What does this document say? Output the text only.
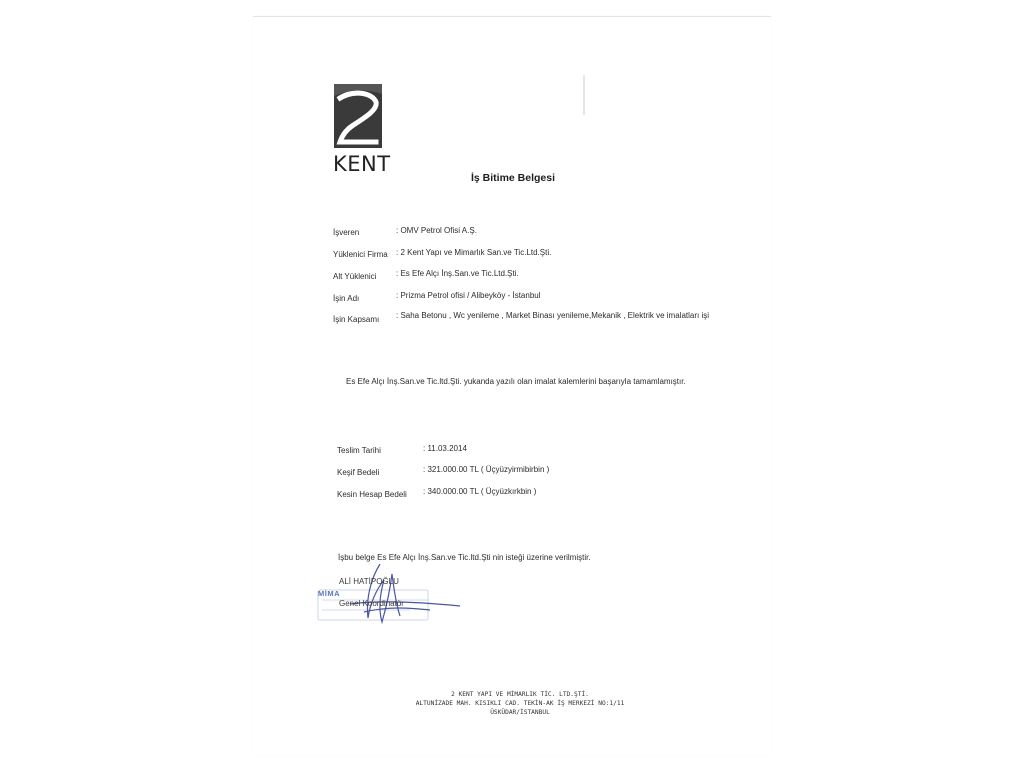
KENT
İş Bitime Belgesi
İşveren	: OMV Petrol Ofisi A.Ş.
Yüklenici Firma : 2 Kent Yapı ve Mimarlık San.ve Tic.Ltd.Şti.
Alt Yüklenici : Es Efe Alçı İnş.San.ve Tic.Ltd.Şti.
İşin Adı	: Prizma Petrol ofisi / Alibeyköy - İstanbul
İşin Kapsamı : Saha Betonu , Wc yenileme , Market Binası yenileme,Mekanik , Elektrik ve imalatları işi
Es Efe Alçı İnş.San.ve Tic.ltd.Şti. yukanda yazılı olan imalat kalemlerini başarıyla tamamlamıştır.
Teslim Tarihi	: 11.03.2014
Keşif Bedeli	: 321.000.00 TL ( Üçyüzyirmibirbin )
Kesin Hesap Bedeli : 340.000.00 TL ( Üçyüzkırkbin )
İşbu belge Es Efe Alçı İnş.San.ve Tic.ltd.Şti nin isteği üzerine verilmiştir.
MİMA
ALİ HATİPOĞLU
Genel Koordinatör
2 KENT YAPI VE MİMARLIK TİC. LTD.ŞTİ.
ALTUNİZADE MAH. KISIKLI CAD. TEKİN-AK İŞ MERKEZİ NO:1/11
ÜSKÜDAR/İSTANBUL
